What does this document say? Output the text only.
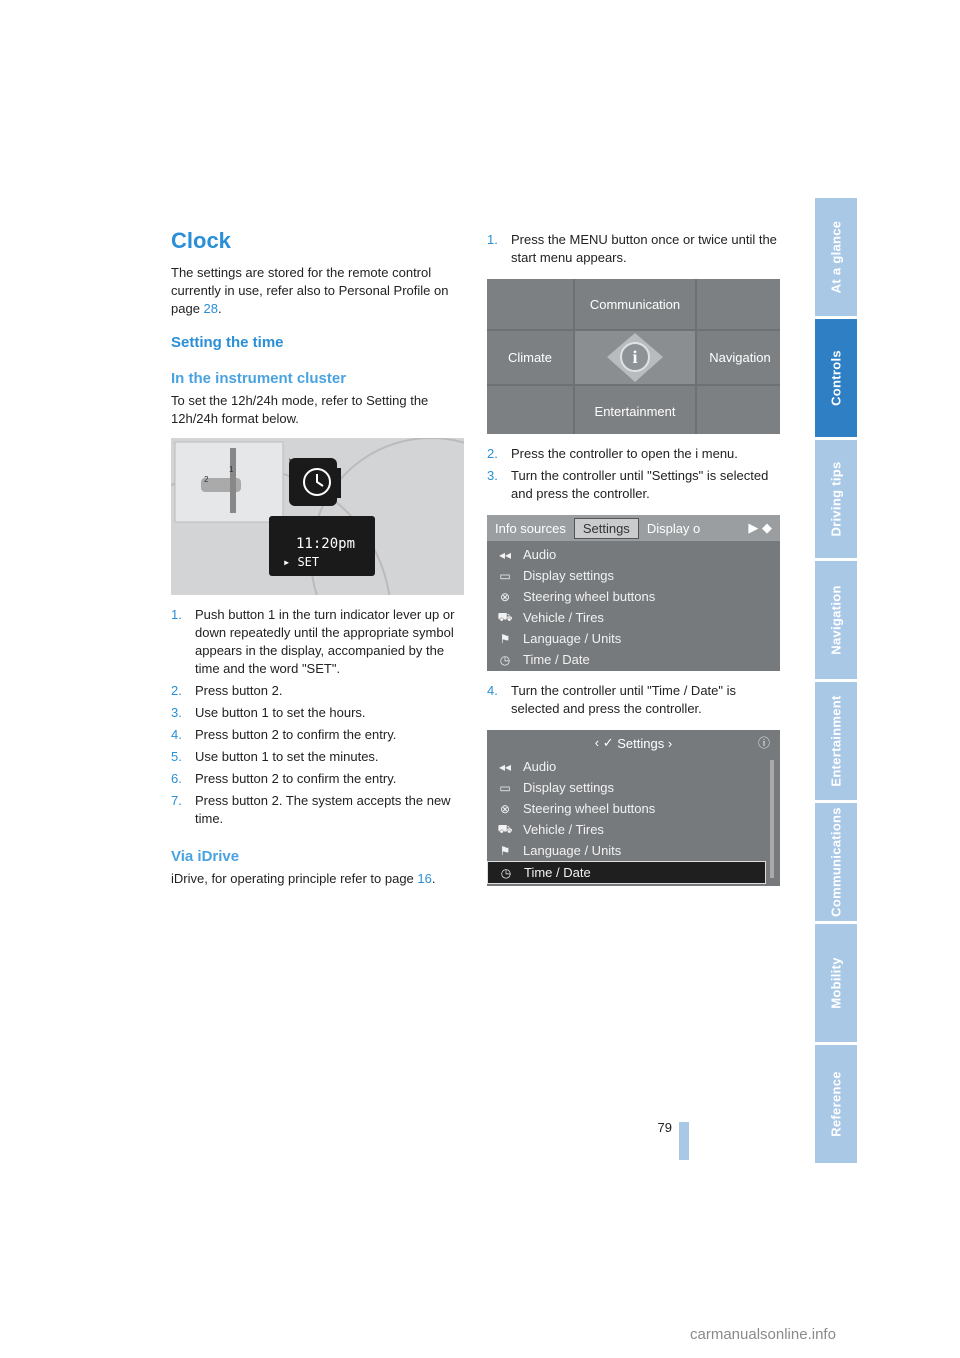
At a glance
Controls
Driving tips
Navigation
Entertainment
Communications
Mobility
Reference
Clock
The settings are stored for the remote control currently in use, refer also to Personal Profile on page 28.
Setting the time
In the instrument cluster
To set the 12h/24h mode, refer to Setting the 12h/24h format below.
11:20pm
▸ SET
1
2
1. Push button 1 in the turn indicator lever up or down repeatedly until the appropriate symbol appears in the display, accompanied by the time and the word "SET".
2. Press button 2.
3. Use button 1 to set the hours.
4. Press button 2 to confirm the entry.
5. Use button 1 to set the minutes.
6. Press button 2 to confirm the entry.
7. Press button 2. The system accepts the new time.
Via iDrive
iDrive, for operating principle refer to page 16.
1. Press the MENU button once or twice until the start menu appears.
Communication
Climate	i	Navigation
Entertainment
2. Press the controller to open the i menu.
3. Turn the controller until "Settings" is selected and press the controller.
Info sources	Settings	Display o	▶ ◆
◂◂ Audio
▭ Display settings
⊗ Steering wheel buttons
⛟ Vehicle / Tires
⚑ Language / Units
◷ Time / Date
4. Turn the controller until "Time / Date" is selected and press the controller.
‹ ✓
Settings
›	ⓘ
◂◂ Audio
▭ Display settings
⊗ Steering wheel buttons
⛟ Vehicle / Tires
⚑ Language / Units
◷ Time / Date
79
carmanualsonline.info
